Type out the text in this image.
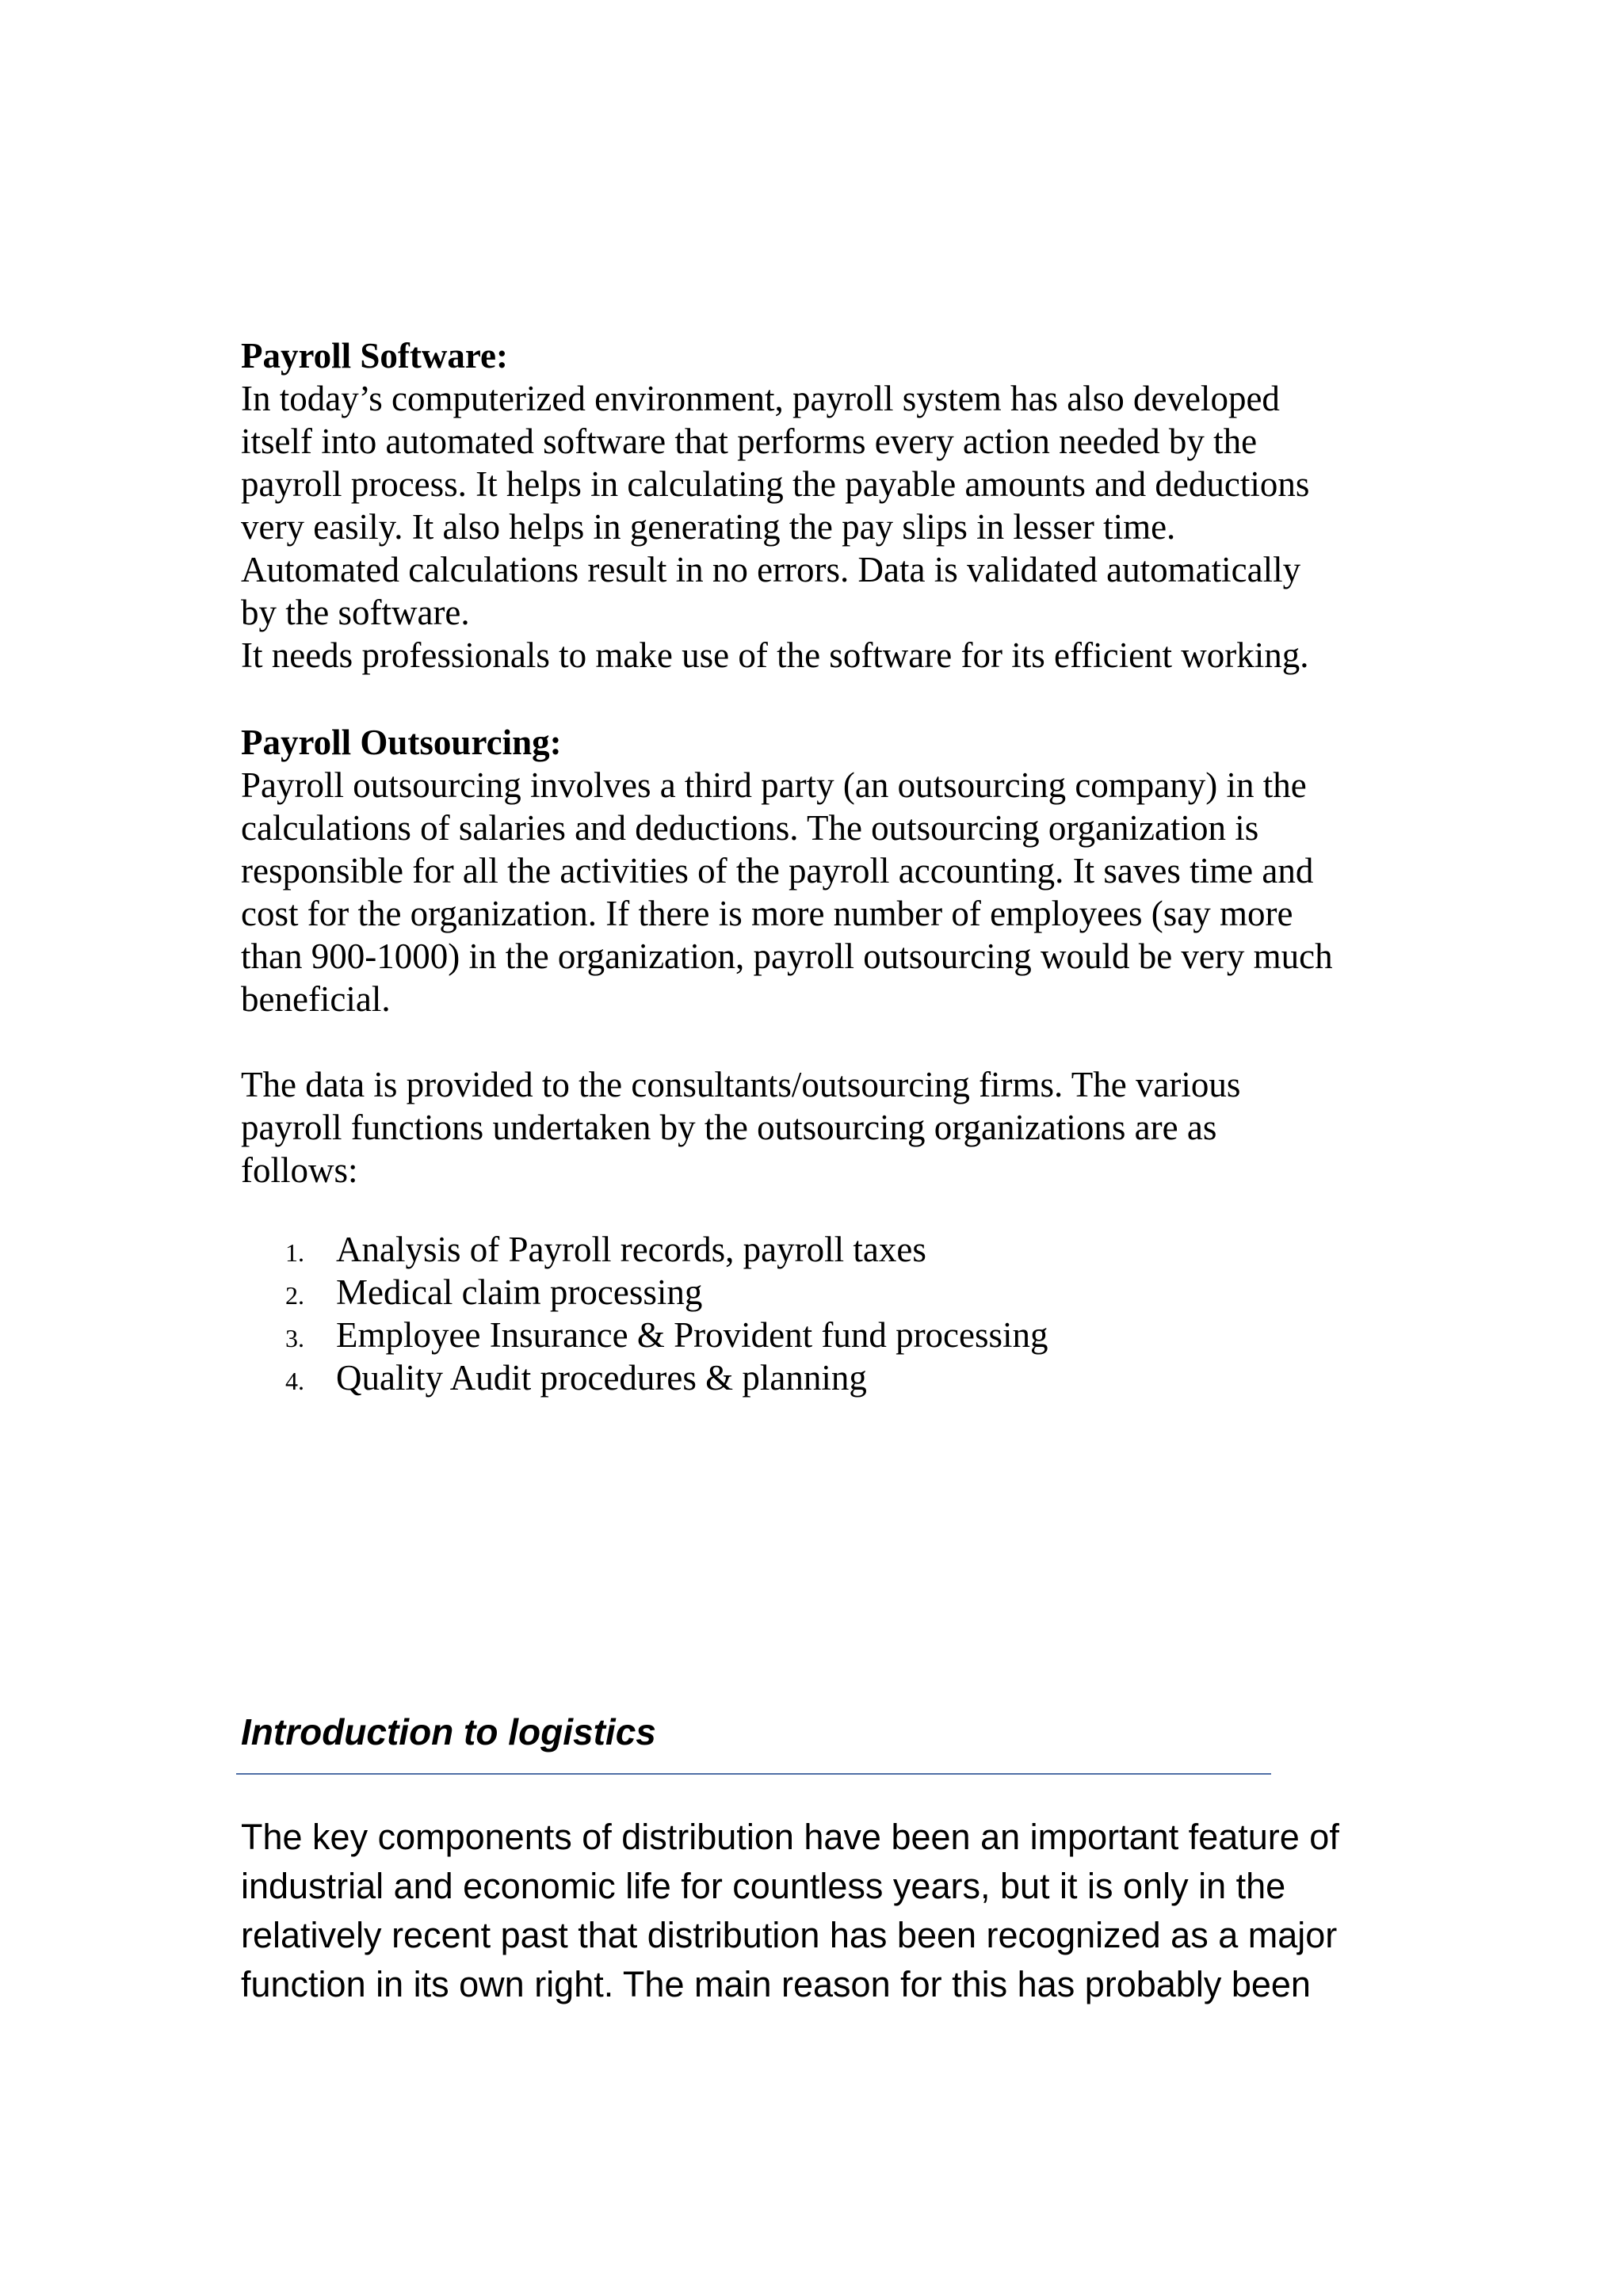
Payroll Software:
In today’s computerized environment, payroll system has also developed
itself into automated software that performs every action needed by the
payroll process. It helps in calculating the payable amounts and deductions
very easily. It also helps in generating the pay slips in lesser time.
Automated calculations result in no errors. Data is validated automatically
by the software.
It needs professionals to make use of the software for its efficient working.
Payroll Outsourcing:
Payroll outsourcing involves a third party (an outsourcing company) in the
calculations of salaries and deductions. The outsourcing organization is
responsible for all the activities of the payroll accounting. It saves time and
cost for the organization. If there is more number of employees (say more
than 900-1000) in the organization, payroll outsourcing would be very much
beneficial.
The data is provided to the consultants/outsourcing firms. The various
payroll functions undertaken by the outsourcing organizations are as
follows:
1. Analysis of Payroll records, payroll taxes
2. Medical claim processing
3. Employee Insurance & Provident fund processing
4. Quality Audit procedures & planning
Introduction to logistics
The key components of distribution have been an important feature of
industrial and economic life for countless years, but it is only in the
relatively recent past that distribution has been recognized as a major
function in its own right. The main reason for this has probably been
